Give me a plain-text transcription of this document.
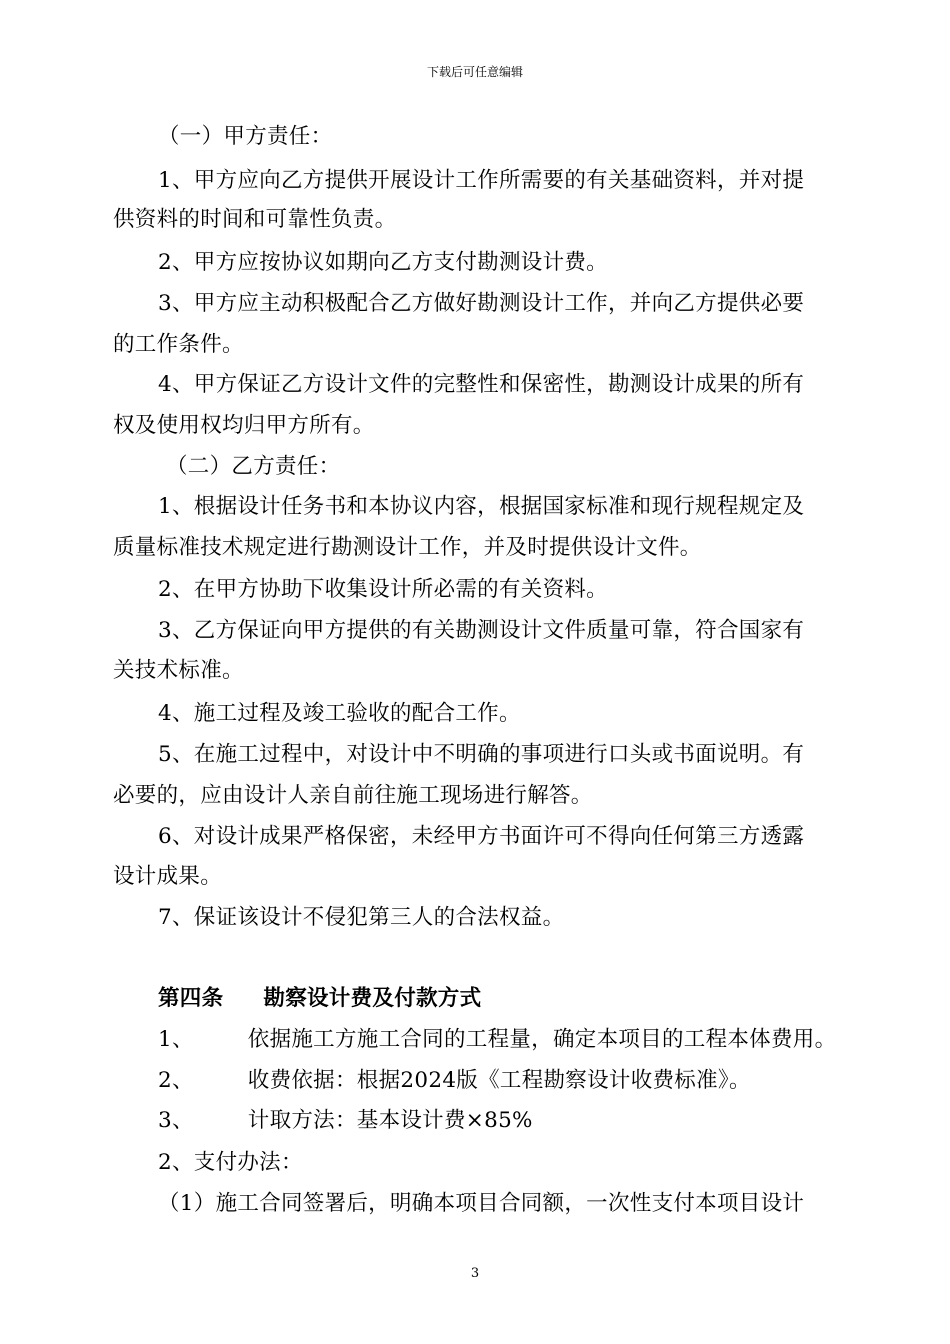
下载后可任意编辑
（一）甲方责任：
1、甲方应向乙方提供开展设计工作所需要的有关基础资料，并对提
供资料的时间和可靠性负责。
2、甲方应按协议如期向乙方支付勘测设计费。
3、甲方应主动积极配合乙方做好勘测设计工作，并向乙方提供必要
的工作条件。
4、甲方保证乙方设计文件的完整性和保密性，勘测设计成果的所有
权及使用权均归甲方所有。
（二）乙方责任：
1、根据设计任务书和本协议内容，根据国家标准和现行规程规定及
质量标准技术规定进行勘测设计工作，并及时提供设计文件。
2、在甲方协助下收集设计所必需的有关资料。
3、乙方保证向甲方提供的有关勘测设计文件质量可靠，符合国家有
关技术标准。
4、施工过程及竣工验收的配合工作。
5、在施工过程中，对设计中不明确的事项进行口头或书面说明。有
必要的，应由设计人亲自前往施工现场进行解答。
6、对设计成果严格保密，未经甲方书面许可不得向任何第三方透露
设计成果。
7、保证该设计不侵犯第三人的合法权益。
第四条 勘察设计费及付款方式
1、	依据施工方施工合同的工程量，确定本项目的工程本体费用。
2、	收费依据：根据2024版《工程勘察设计收费标准》。
3、	计取方法：基本设计费×85%
2、支付办法：
（1）施工合同签署后，明确本项目合同额，一次性支付本项目设计
3
